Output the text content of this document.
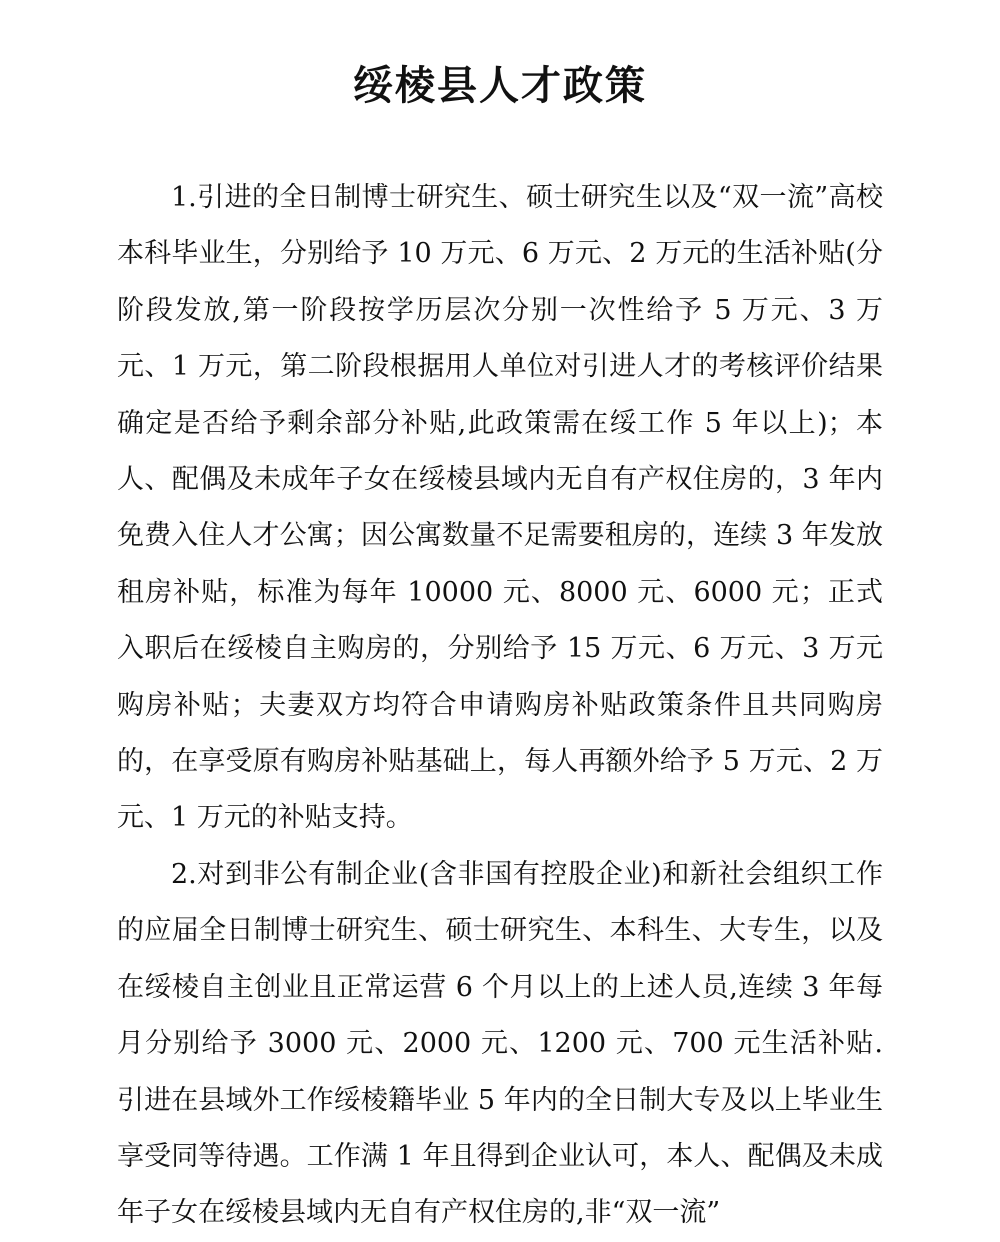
绥棱县人才政策

1.引进的全日制博士研究生、硕士研究生以及“双一流”高校本科毕业生，分别给予 10 万元、6 万元、2 万元的生活补贴(分阶段发放,第一阶段按学历层次分别一次性给予 5 万元、3 万元、1 万元，第二阶段根据用人单位对引进人才的考核评价结果确定是否给予剩余部分补贴,此政策需在绥工作 5 年以上)；本人、配偶及未成年子女在绥棱县域内无自有产权住房的，3 年内免费入住人才公寓；因公寓数量不足需要租房的，连续 3 年发放租房补贴，标准为每年 10000 元、8000 元、6000 元；正式入职后在绥棱自主购房的，分别给予 15 万元、6 万元、3 万元购房补贴；夫妻双方均符合申请购房补贴政策条件且共同购房的，在享受原有购房补贴基础上，每人再额外给予 5 万元、2 万元、1 万元的补贴支持。

2.对到非公有制企业(含非国有控股企业)和新社会组织工作的应届全日制博士研究生、硕士研究生、本科生、大专生，以及在绥棱自主创业且正常运营 6 个月以上的上述人员,连续 3 年每月分别给予 3000 元、2000 元、1200 元、700 元生活补贴.引进在县域外工作绥棱籍毕业 5 年内的全日制大专及以上毕业生享受同等待遇。工作满 1 年且得到企业认可，本人、配偶及未成年子女在绥棱县域内无自有产权住房的,非“双一流”
